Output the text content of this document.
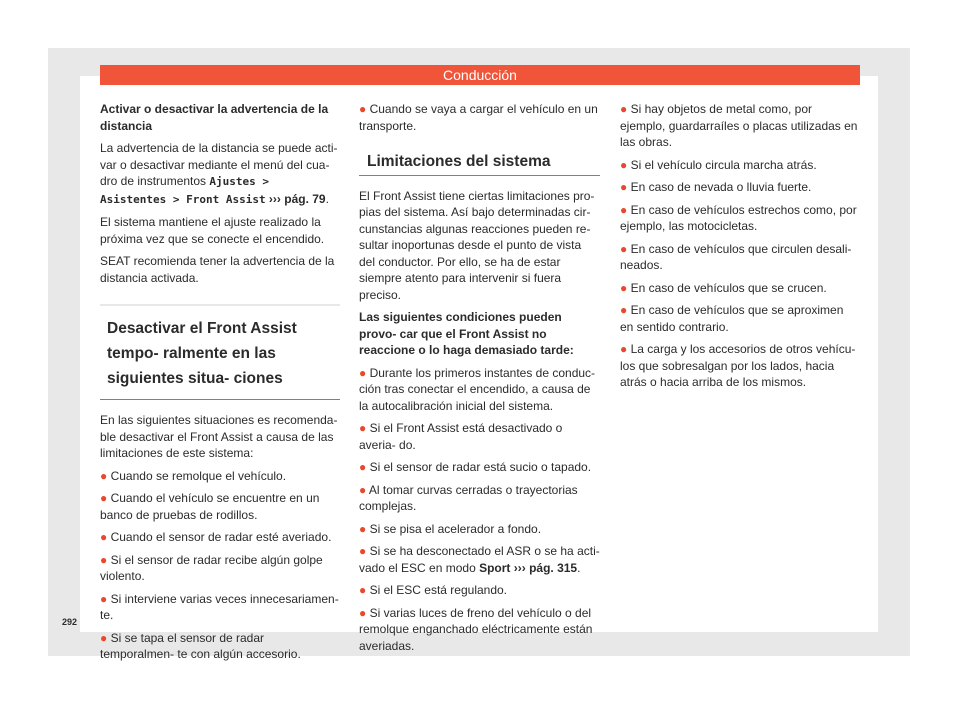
Conducción

Activar o desactivar la advertencia de la distancia

La advertencia de la distancia se puede acti- var o desactivar mediante el menú del cua- dro de instrumentos Ajustes > Asistentes > Front Assist ››› pág. 79.

El sistema mantiene el ajuste realizado la próxima vez que se conecte el encendido.

SEAT recomienda tener la advertencia de la distancia activada.

Desactivar el Front Assist tempo- ralmente en las siguientes situa- ciones

En las siguientes situaciones es recomenda- ble desactivar el Front Assist a causa de las limitaciones de este sistema:

● Cuando se remolque el vehículo.

● Cuando el vehículo se encuentre en un banco de pruebas de rodillos.

● Cuando el sensor de radar esté averiado.

● Si el sensor de radar recibe algún golpe violento.

● Si interviene varias veces innecesariamen- te.

● Si se tapa el sensor de radar temporalmen- te con algún accesorio.

● Cuando se vaya a cargar el vehículo en un transporte.

Limitaciones del sistema

El Front Assist tiene ciertas limitaciones pro- pias del sistema. Así bajo determinadas cir- cunstancias algunas reacciones pueden re- sultar inoportunas desde el punto de vista del conductor. Por ello, se ha de estar siempre atento para intervenir si fuera preciso.

Las siguientes condiciones pueden provo- car que el Front Assist no reaccione o lo haga demasiado tarde:

● Durante los primeros instantes de conduc- ción tras conectar el encendido, a causa de la autocalibración inicial del sistema.

● Si el Front Assist está desactivado o averia- do.

● Si el sensor de radar está sucio o tapado.

● Al tomar curvas cerradas o trayectorias complejas.

● Si se pisa el acelerador a fondo.

● Si se ha desconectado el ASR o se ha acti- vado el ESC en modo Sport ››› pág. 315.

● Si el ESC está regulando.

● Si varias luces de freno del vehículo o del remolque enganchado eléctricamente están averiadas.

● Si hay objetos de metal como, por ejemplo, guardarraíles o placas utilizadas en las obras.

● Si el vehículo circula marcha atrás.

● En caso de nevada o lluvia fuerte.

● En caso de vehículos estrechos como, por ejemplo, las motocicletas.

● En caso de vehículos que circulen desali- neados.

● En caso de vehículos que se crucen.

● En caso de vehículos que se aproximen en sentido contrario.

● La carga y los accesorios de otros vehícu- los que sobresalgan por los lados, hacia atrás o hacia arriba de los mismos.

292
